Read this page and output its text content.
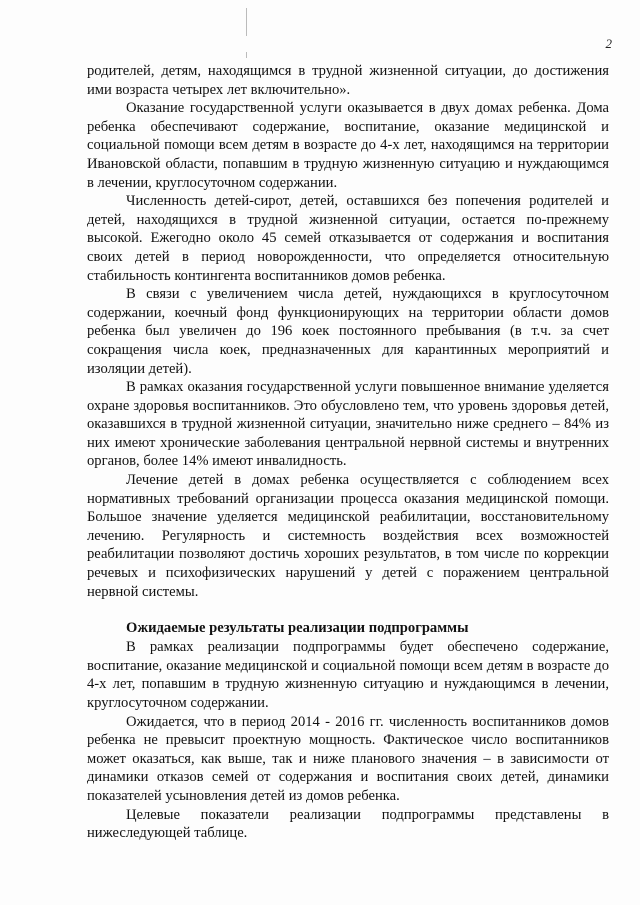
2

родителей, детям, находящимся в трудной жизненной ситуации, до достижения ими возраста четырех лет включительно».

Оказание государственной услуги оказывается в двух домах ребенка. Дома ребенка обеспечивают содержание, воспитание, оказание медицинской и социальной помощи всем детям в возрасте до 4-х лет, находящимся на территории Ивановской области, попавшим в трудную жизненную ситуацию и нуждающимся в лечении, круглосуточном содержании.

Численность детей-сирот, детей, оставшихся без попечения родителей и детей, находящихся в трудной жизненной ситуации, остается по-прежнему высокой. Ежегодно около 45 семей отказывается от содержания и воспитания своих детей в период новорожденности, что определяется относительную стабильность контингента воспитанников домов ребенка.

В связи с увеличением числа детей, нуждающихся в круглосуточном содержании, коечный фонд функционирующих на территории области домов ребенка был увеличен до 196 коек постоянного пребывания (в т.ч. за счет сокращения числа коек, предназначенных для карантинных мероприятий и изоляции детей).

В рамках оказания государственной услуги повышенное внимание уделяется охране здоровья воспитанников. Это обусловлено тем, что уровень здоровья детей, оказавшихся в трудной жизненной ситуации, значительно ниже среднего – 84% из них имеют хронические заболевания центральной нервной системы и внутренних органов, более 14% имеют инвалидность.

Лечение детей в домах ребенка осуществляется с соблюдением всех нормативных требований организации процесса оказания медицинской помощи. Большое значение уделяется медицинской реабилитации, восстановительному лечению. Регулярность и системность воздействия всех возможностей реабилитации позволяют достичь хороших результатов, в том числе по коррекции речевых и психофизических нарушений у детей с поражением центральной нервной системы.

Ожидаемые результаты реализации подпрограммы

В рамках реализации подпрограммы будет обеспечено содержание, воспитание, оказание медицинской и социальной помощи всем детям в возрасте до 4-х лет, попавшим в трудную жизненную ситуацию и нуждающимся в лечении, круглосуточном содержании.

Ожидается, что в период 2014 - 2016 гг. численность воспитанников домов ребенка не превысит проектную мощность. Фактическое число воспитанников может оказаться, как выше, так и ниже планового значения – в зависимости от динамики отказов семей от содержания и воспитания своих детей, динамики показателей усыновления детей из домов ребенка.

Целевые показатели реализации подпрограммы представлены в нижеследующей таблице.
